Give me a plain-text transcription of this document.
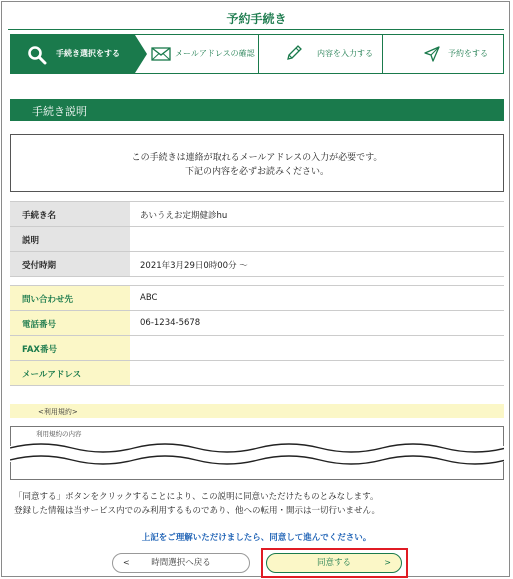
予約手続き
手続き選択をする	メールアドレスの確認	内容を入力する	予約をする
手続き説明
この手続きは連絡が取れるメールアドレスの入力が必要です。
下記の内容を必ずお読みください。
手続き名	あいうえお定期健診hu
説明
受付時期	2021年3月29日0時00分 ～
問い合わせ先	ABC
電話番号	06-1234-5678
FAX番号
メールアドレス
<利用規約>
利用規約の内容
「同意する」ボタンをクリックすることにより、この説明に同意いただけたものとみなします。
登録した情報は当サービス内でのみ利用するものであり、他への転用・開示は一切行いません。
上記をご理解いただけましたら、同意して進んでください。
<	時間選択へ戻る	同意する	>
